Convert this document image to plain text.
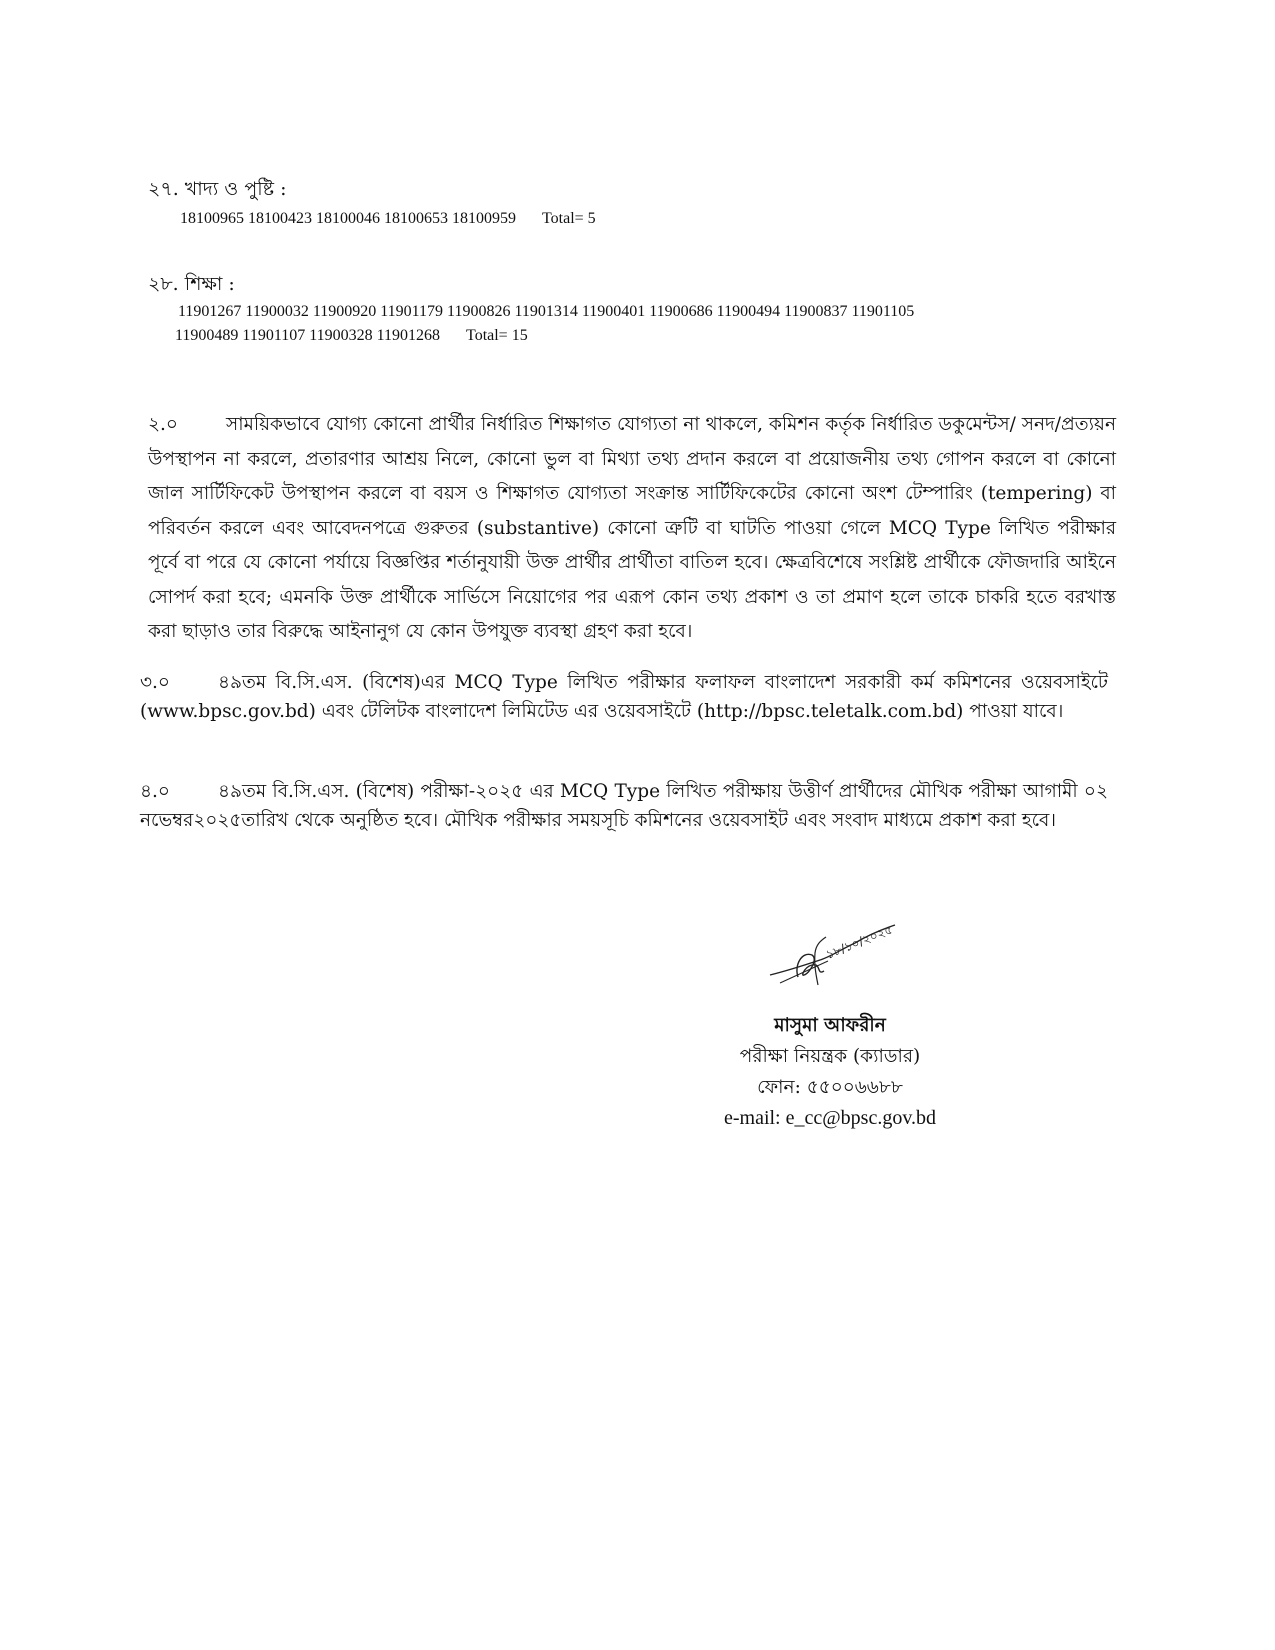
২৭. খাদ্য ও পুষ্টি :
18100965 18100423 18100046 18100653 18100959 Total= 5
২৮. শিক্ষা :
11901267 11900032 11900920 11901179 11900826 11901314 11900401 11900686 11900494 11900837 11901105
11900489 11901107 11900328 11901268 Total= 15
২.০	সাময়িকভাবে যোগ্য কোনো প্রার্থীর নির্ধারিত শিক্ষাগত যোগ্যতা না থাকলে, কমিশন কর্তৃক নির্ধারিত ডকুমেন্টস/ সনদ/প্রত্যয়ন উপস্থাপন না করলে, প্রতারণার আশ্রয় নিলে, কোনো ভুল বা মিথ্যা তথ্য প্রদান করলে বা প্রয়োজনীয় তথ্য গোপন করলে বা কোনো জাল সার্টিফিকেট উপস্থাপন করলে বা বয়স ও শিক্ষাগত যোগ্যতা সংক্রান্ত সার্টিফিকেটের কোনো অংশ টেম্পারিং (tempering) বা পরিবর্তন করলে এবং আবেদনপত্রে গুরুতর (substantive) কোনো ত্রুটি বা ঘাটতি পাওয়া গেলে MCQ Type লিখিত পরীক্ষার পূর্বে বা পরে যে কোনো পর্যায়ে বিজ্ঞপ্তির শর্তানুযায়ী উক্ত প্রার্থীর প্রার্থীতা বাতিল হবে। ক্ষেত্রবিশেষে সংশ্লিষ্ট প্রার্থীকে ফৌজদারি আইনে সোপর্দ করা হবে; এমনকি উক্ত প্রার্থীকে সার্ভিসে নিয়োগের পর এরূপ কোন তথ্য প্রকাশ ও তা প্রমাণ হলে তাকে চাকরি হতে বরখাস্ত করা ছাড়াও তার বিরুদ্ধে আইনানুগ যে কোন উপযুক্ত ব্যবস্থা গ্রহণ করা হবে।
৩.০	৪৯তম বি.সি.এস. (বিশেষ)এর MCQ Type লিখিত পরীক্ষার ফলাফল বাংলাদেশ সরকারী কর্ম কমিশনের ওয়েবসাইটে (www.bpsc.gov.bd) এবং টেলিটক বাংলাদেশ লিমিটেড এর ওয়েবসাইটে (http://bpsc.teletalk.com.bd) পাওয়া যাবে।
৪.০	৪৯তম বি.সি.এস. (বিশেষ) পরীক্ষা-২০২৫ এর MCQ Type লিখিত পরীক্ষায় উত্তীর্ণ প্রার্থীদের মৌখিক পরীক্ষা আগামী ০২ নভেম্বর২০২৫তারিখ থেকে অনুষ্ঠিত হবে। মৌখিক পরীক্ষার সময়সূচি কমিশনের ওয়েবসাইট এবং সংবাদ মাধ্যমে প্রকাশ করা হবে।
১৮/১০/২০২৫
মাসুমা আফরীন
পরীক্ষা নিয়ন্ত্রক (ক্যাডার)
ফোন: ৫৫০০৬৬৮৮
e-mail: e_cc@bpsc.gov.bd
